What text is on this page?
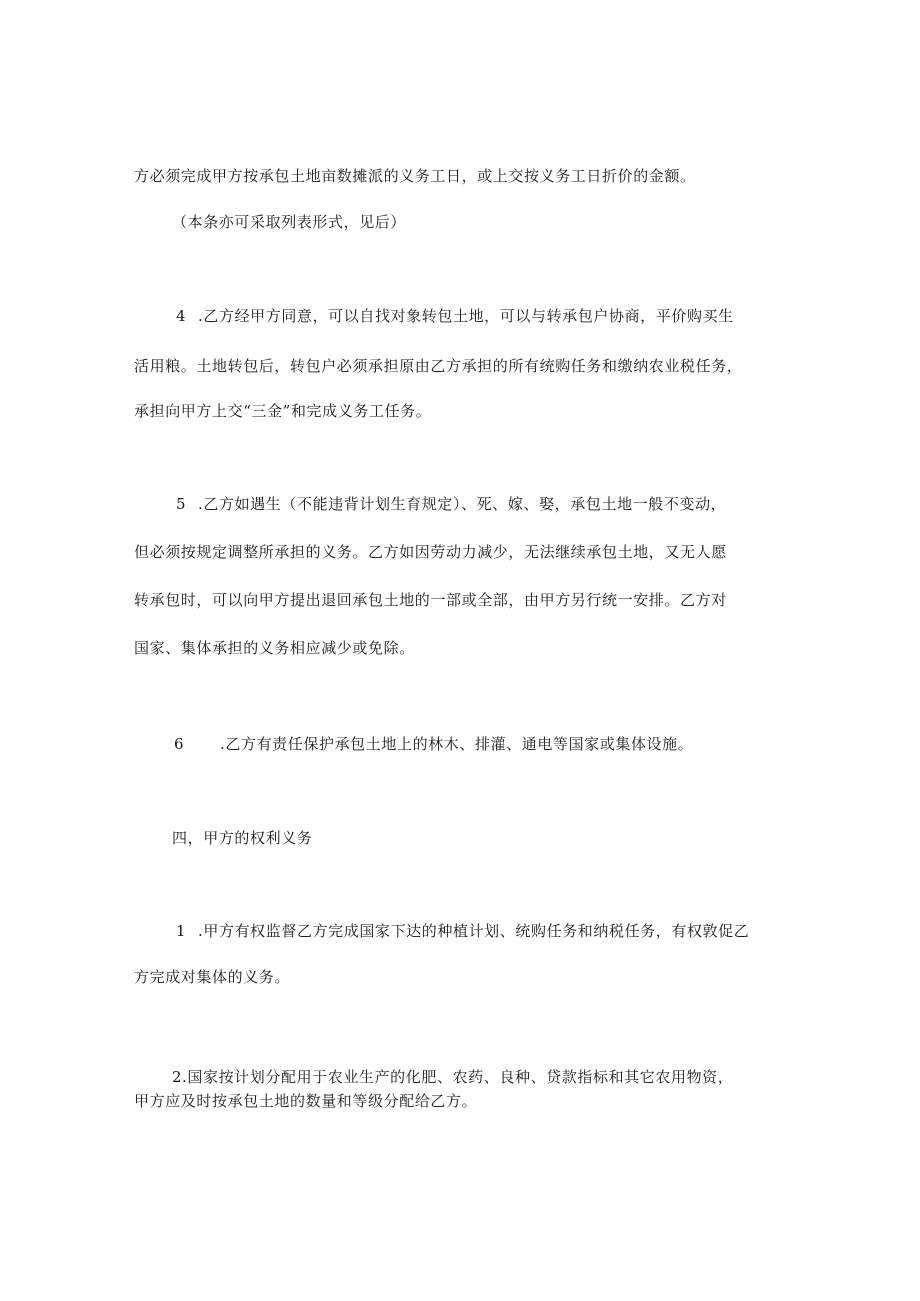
方必须完成甲方按承包土地亩数摊派的义务工日，或上交按义务工日折价的金额。
（本条亦可采取列表形式，见后）
4 .乙方经甲方同意，可以自找对象转包土地，可以与转承包户协商，平价购买生
活用粮。土地转包后，转包户必须承担原由乙方承担的所有统购任务和缴纳农业税任务，
承担向甲方上交“三金”和完成义务工任务。
5 .乙方如遇生（不能违背计划生育规定）、死、嫁、娶，承包土地一般不变动，
但必须按规定调整所承担的义务。乙方如因劳动力减少，无法继续承包土地，又无人愿
转承包时，可以向甲方提出退回承包土地的一部或全部，由甲方另行统一安排。乙方对
国家、集体承担的义务相应减少或免除。
6 .乙方有责任保护承包土地上的林木、排灌、通电等国家或集体设施。
四，甲方的权利义务
1 .甲方有权监督乙方完成国家下达的种植计划、统购任务和纳税任务，有权敦促乙
方完成对集体的义务。
2.国家按计划分配用于农业生产的化肥、农药、良种、贷款指标和其它农用物资，
甲方应及时按承包土地的数量和等级分配给乙方。
